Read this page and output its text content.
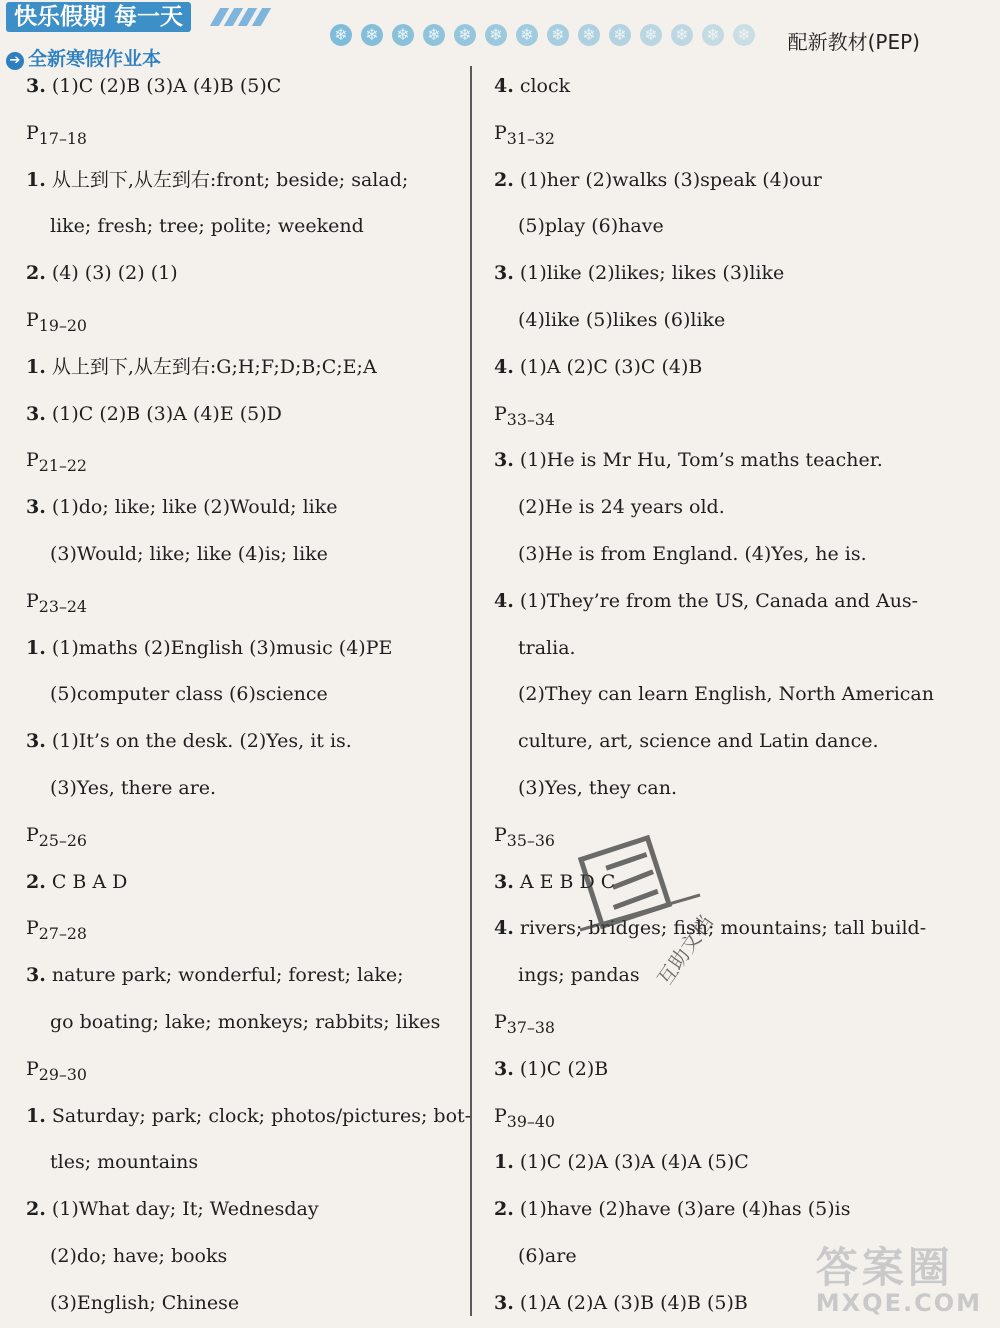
快乐假期 每一天
❄ ❄ ❄ ❄ ❄ ❄ ❄ ❄ ❄ ❄ ❄ ❄ ❄ ❄ 配新教材(PEP)
➔ 全新寒假作业本
3. (1)C (2)B (3)A (4)B (5)C
$P_{17-18}$
1. 从上到下,从左到右:front; beside; salad;
like; fresh; tree; polite; weekend
2. (4) (3) (2) (1)
$P_{19-20}$
1. 从上到下,从左到右:G;H;F;D;B;C;E;A
3. (1)C (2)B (3)A (4)E (5)D
$P_{21-22}$
3. (1)do; like; like (2)Would; like
(3)Would; like; like (4)is; like
$P_{23-24}$
1. (1)maths (2)English (3)music (4)PE
(5)computer class (6)science
3. (1)It’s on the desk. (2)Yes, it is.
(3)Yes, there are.
$P_{25-26}$
2. C B A D
$P_{27-28}$
3. nature park; wonderful; forest; lake;
go boating; lake; monkeys; rabbits; likes
$P_{29-30}$
1. Saturday; park; clock; photos/pictures; bot-
tles; mountains
2. (1)What day; It; Wednesday
(2)do; have; books
(3)English; Chinese
4. clock
$P_{31-32}$
2. (1)her (2)walks (3)speak (4)our
(5)play (6)have
3. (1)like (2)likes; likes (3)like
(4)like (5)likes (6)like
4. (1)A (2)C (3)C (4)B
$P_{33-34}$
3. (1)He is Mr Hu, Tom’s maths teacher.
(2)He is 24 years old.
(3)He is from England. (4)Yes, he is.
4. (1)They’re from the US, Canada and Aus-
tralia.
(2)They can learn English, North American
culture, art, science and Latin dance.
(3)Yes, they can.
$P_{35-36}$
3. A E B D C
4. rivers; bridges; fish; mountains; tall build-
ings; pandas
$P_{37-38}$
3. (1)C (2)B
$P_{39-40}$
1. (1)C (2)A (3)A (4)A (5)C
2. (1)have (2)have (3)are (4)has (5)is
(6)are
3. (1)A (2)A (3)B (4)B (5)B
互助文档
答案圈
MXQE.COM
